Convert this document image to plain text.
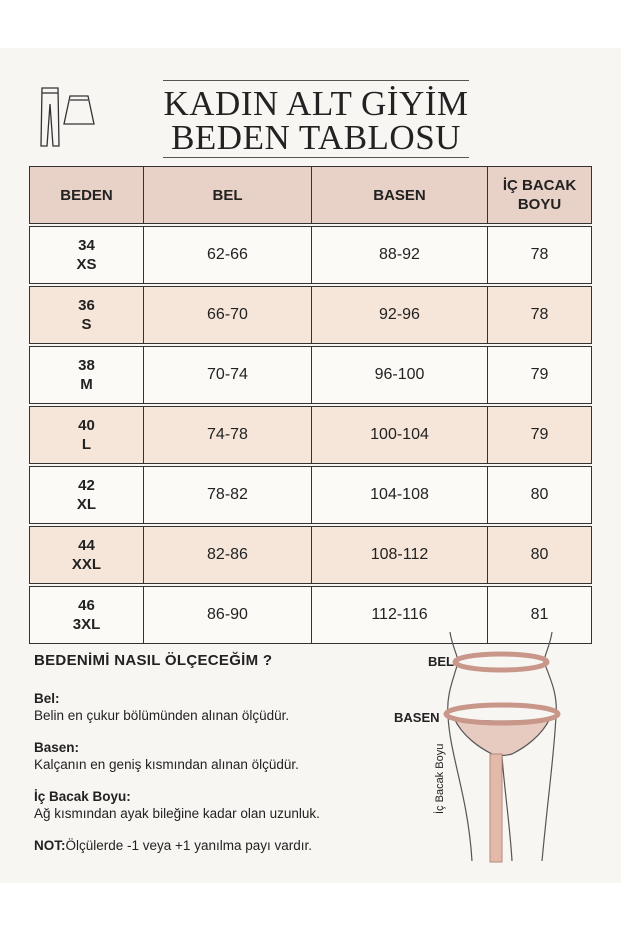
KADIN ALT GİYİM
BEDEN TABLOSU
BEDEN	BEL	BASEN	İÇ BACAK BOYU

34
XS	62-66	88-92	78

36
S	66-70	92-96	78

38
M	70-74	96-100	79

40
L	74-78	100-104	79

42
XL	78-82	104-108	80

44
XXL	82-86	108-112	80

46
3XL	86-90	112-116	81
BEDENİMİ NASIL ÖLÇECEĞİM ?
Bel:
Belin en çukur bölümünden alınan ölçüdür.
Basen:
Kalçanın en geniş kısmından alınan ölçüdür.
İç Bacak Boyu:
Ağ kısmından ayak bileğine kadar olan uzunluk.
NOT:Ölçülerde -1 veya +1 yanılma payı vardır.
BEL
BASEN
İç Bacak Boyu
